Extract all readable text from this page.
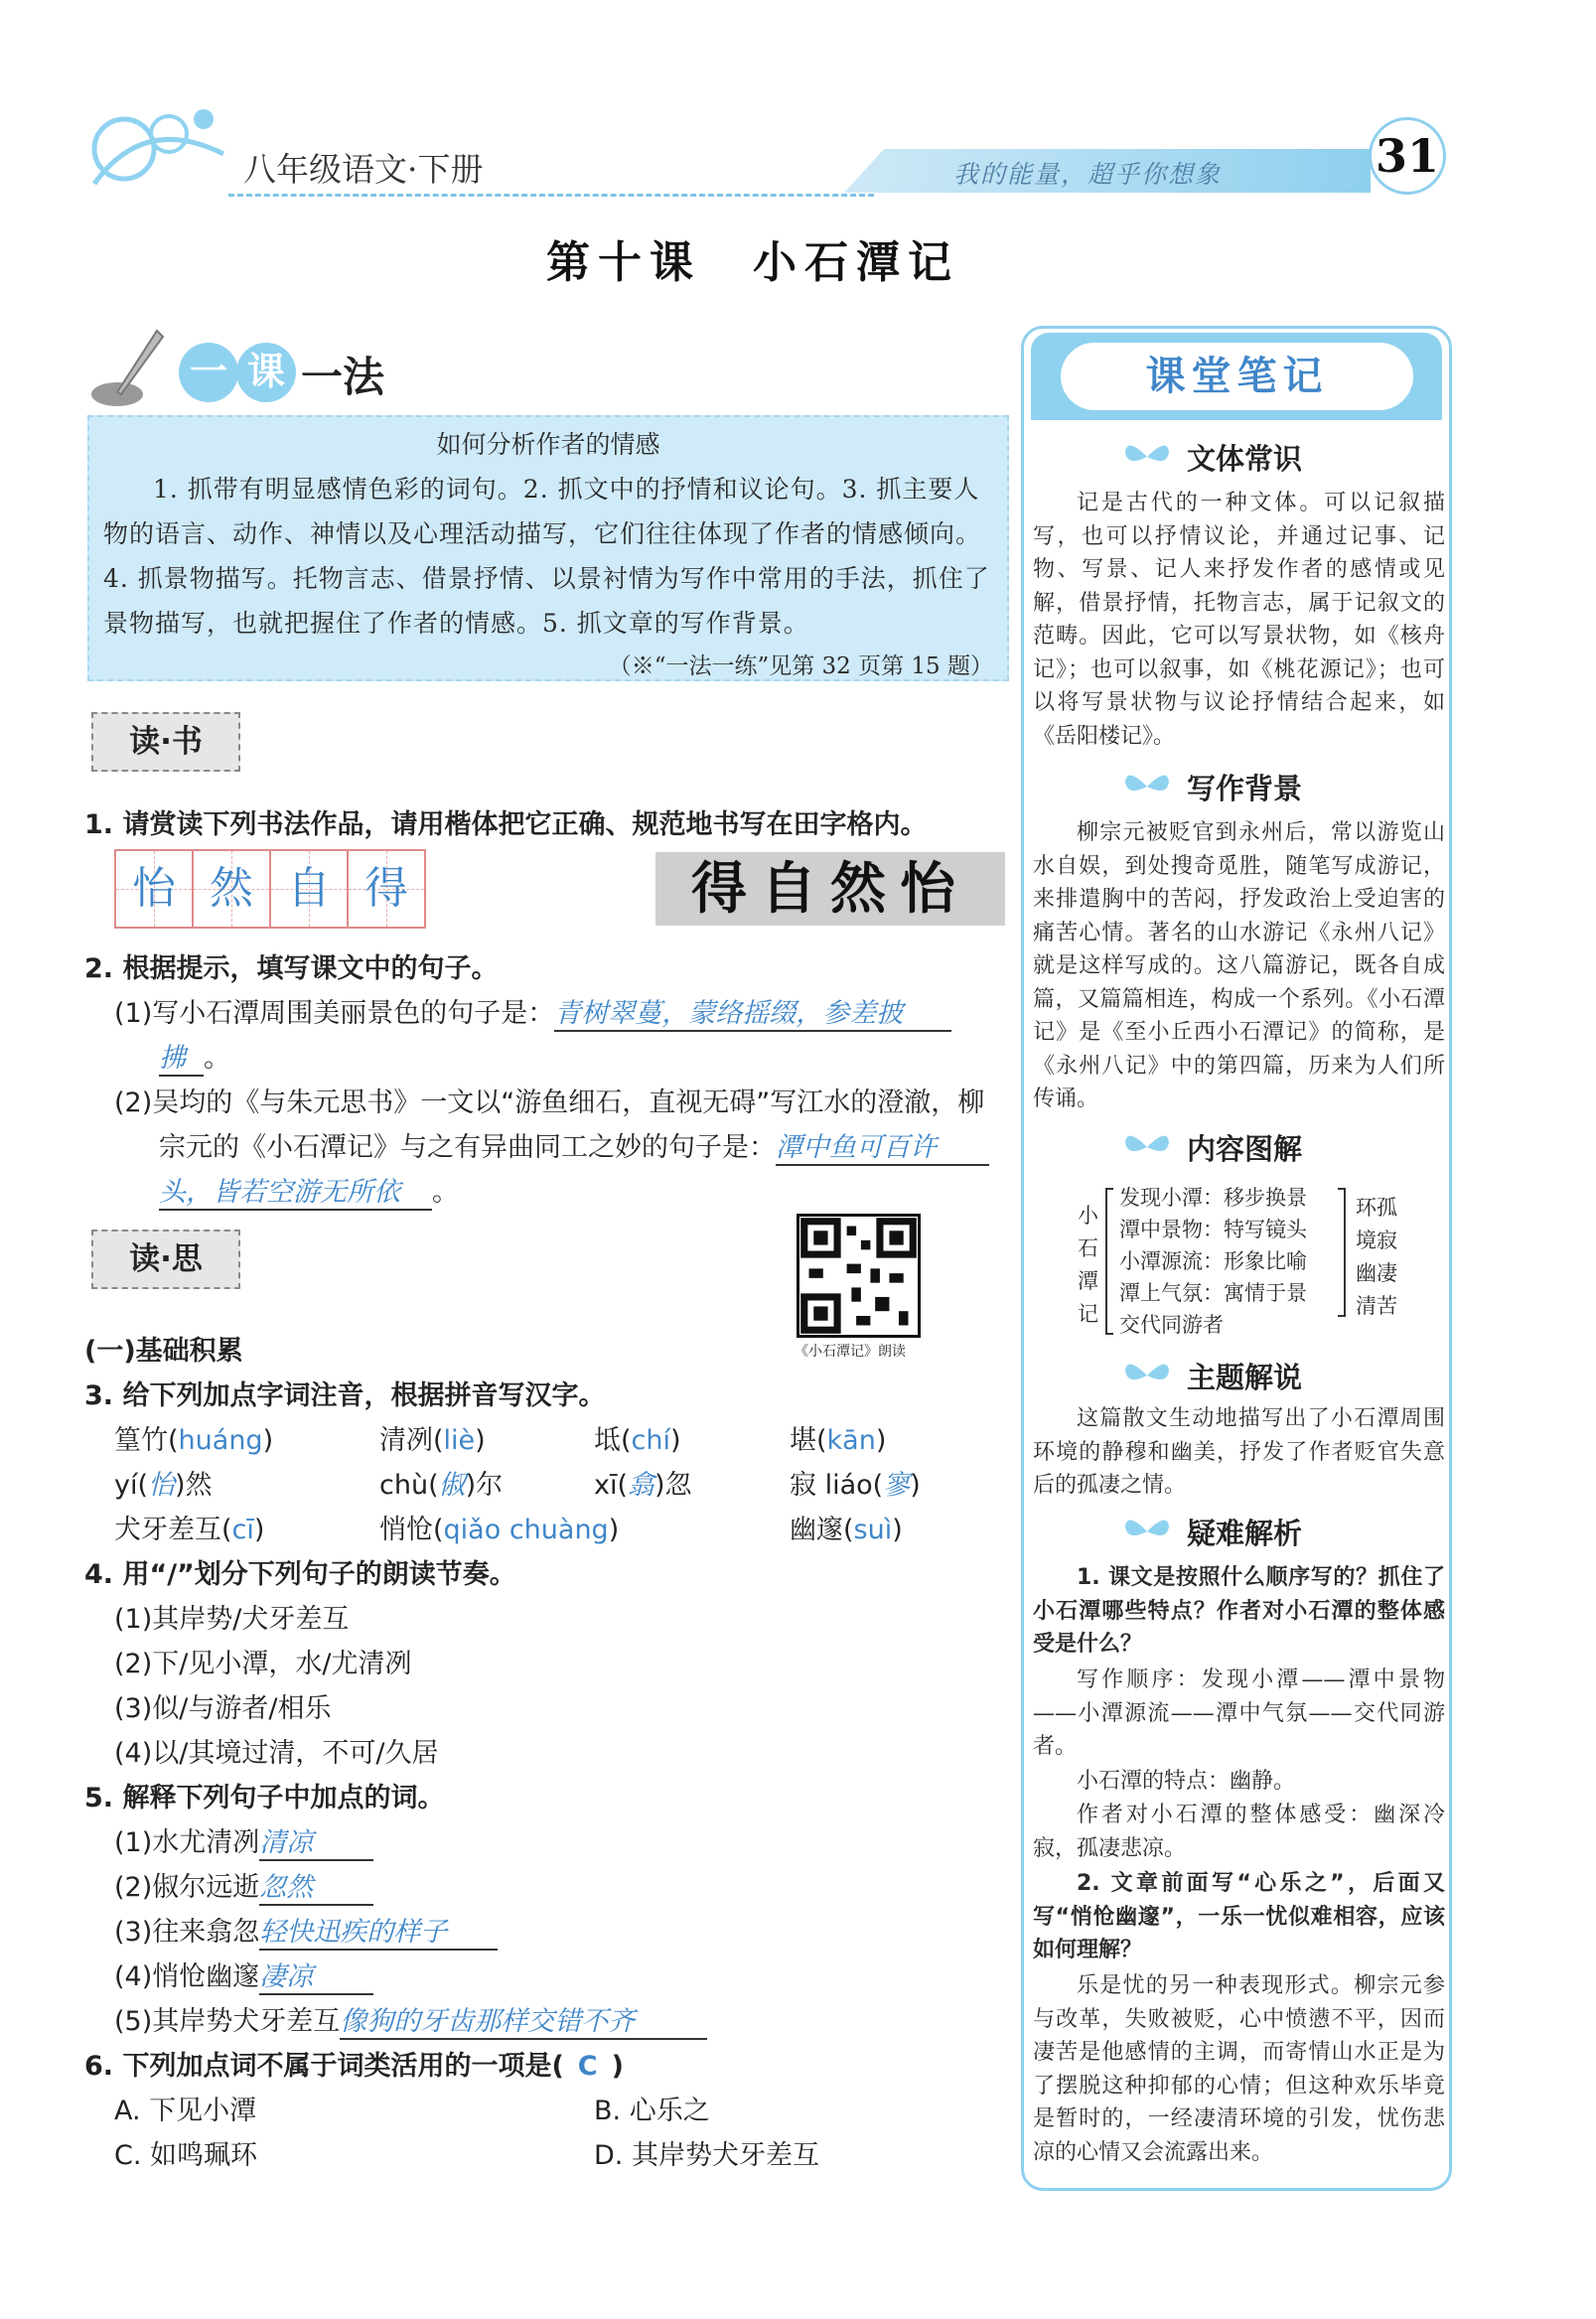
八年级语文·下册	我的能量，超乎你想象	31
第十课　小石潭记
一 课 一法
如何分析作者的情感
1. 抓带有明显感情色彩的词句。2. 抓文中的抒情和议论句。3. 抓主要人物的语言、动作、神情以及心理活动描写，它们往往体现了作者的情感倾向。4. 抓景物描写。托物言志、借景抒情、以景衬情为写作中常用的手法，抓住了景物描写，也就把握住了作者的情感。5. 抓文章的写作背景。
（※“一法一练”见第 32 页第 15 题）
读·书
1. 请赏读下列书法作品，请用楷体把它正确、规范地书写在田字格内。
怡 然 自 得	得自然怡
2. 根据提示，填写课文中的句子。
(1)写小石潭周围美丽景色的句子是：青树翠蔓，蒙络摇缀，参差披
拂 。
(2)吴均的《与朱元思书》一文以“游鱼细石，直视无碍”写江水的澄澈，柳
宗元的《小石潭记》与之有异曲同工之妙的句子是：潭中鱼可百许
头，皆若空游无所依 。
读·思
《小石潭记》朗读
(一)基础积累
3. 给下列加点字词注音，根据拼音写汉字。
篁竹(huáng)	清冽(liè)	坻(chí)	堪(kān)
yí(怡)然	chù(俶)尔	xī(翕)忽	寂 liáo(寥)
犬牙差互(cī)	悄怆(qiǎo chuàng)	幽邃(suì)
4. 用“/”划分下列句子的朗读节奏。
(1)其岸势/犬牙差互
(2)下/见小潭，水/尤清冽
(3)似/与游者/相乐
(4)以/其境过清，不可/久居
5. 解释下列句子中加点的词。
(1)水尤清冽清凉
(2)俶尔远逝忽然
(3)往来翕忽轻快迅疾的样子
(4)悄怆幽邃凄凉
(5)其岸势犬牙差互像狗的牙齿那样交错不齐
6. 下列加点词不属于词类活用的一项是( C )
A. 下见小潭	B. 心乐之
C. 如鸣珮环	D. 其岸势犬牙差互
课堂笔记
文体常识
记是古代的一种文体。可以记叙描写，也可以抒情议论，并通过记事、记物、写景、记人来抒发作者的感情或见解，借景抒情，托物言志，属于记叙文的范畴。因此，它可以写景状物，如《核舟记》；也可以叙事，如《桃花源记》；也可以将写景状物与议论抒情结合起来，如《岳阳楼记》。
写作背景
柳宗元被贬官到永州后，常以游览山水自娱，到处搜奇觅胜，随笔写成游记，来排遣胸中的苦闷，抒发政治上受迫害的痛苦心情。著名的山水游记《永州八记》就是这样写成的。这八篇游记，既各自成篇，又篇篇相连，构成一个系列。《小石潭记》是《至小丘西小石潭记》的简称，是《永州八记》中的第四篇，历来为人们所传诵。
内容图解
小石潭记
发现小潭：移步换景
潭中景物：特写镜头
小潭源流：形象比喻
潭上气氛：寓情于景
交代同游者
环孤
境寂
幽凄
清苦
主题解说
这篇散文生动地描写出了小石潭周围环境的静穆和幽美，抒发了作者贬官失意后的孤凄之情。
疑难解析
1. 课文是按照什么顺序写的？抓住了小石潭哪些特点？作者对小石潭的整体感受是什么？
写作顺序：发现小潭——潭中景物——小潭源流——潭中气氛——交代同游者。
小石潭的特点：幽静。
作者对小石潭的整体感受：幽深冷寂，孤凄悲凉。
2. 文章前面写“心乐之”，后面又写“悄怆幽邃”，一乐一忧似难相容，应该如何理解？
乐是忧的另一种表现形式。柳宗元参与改革，失败被贬，心中愤懑不平，因而凄苦是他感情的主调，而寄情山水正是为了摆脱这种抑郁的心情；但这种欢乐毕竟是暂时的，一经凄清环境的引发，忧伤悲凉的心情又会流露出来。
